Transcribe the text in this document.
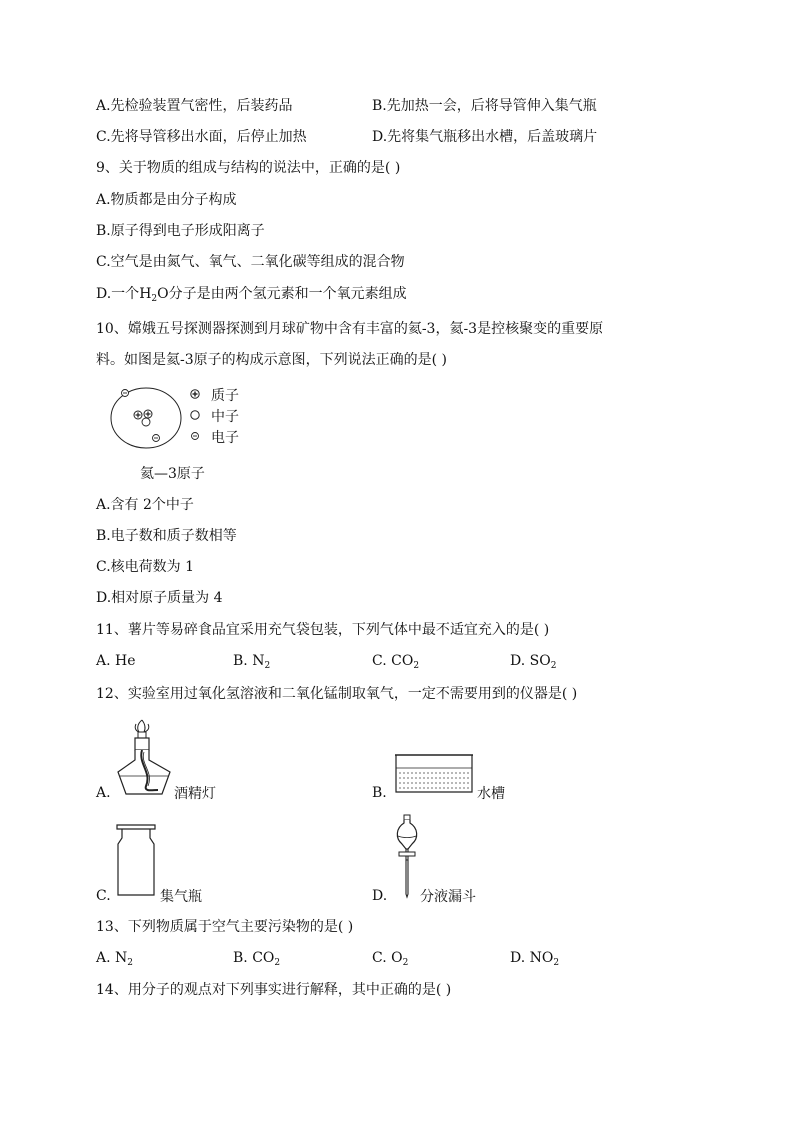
A.先检验装置气密性，后装药品	B.先加热一会，后将导管伸入集气瓶
C.先将导管移出水面，后停止加热	D.先将集气瓶移出水槽，后盖玻璃片
9、关于物质的组成与结构的说法中，正确的是( )
A.物质都是由分子构成
B.原子得到电子形成阳离子
C.空气是由氮气、氧气、二氧化碳等组成的混合物
D.一个$H_2O$分子是由两个氢元素和一个氧元素组成
10、嫦娥五号探测器探测到月球矿物中含有丰富的氦-3，氦-3是控核聚变的重要原
料。如图是氦-3原子的构成示意图，下列说法正确的是( )
质子
中子
电子
氦—3原子
A.含有 2个中子
B.电子数和质子数相等
C.核电荷数为 1
D.相对原子质量为 4
11、薯片等易碎食品宜采用充气袋包装，下列气体中最不适宜充入的是( )
A. He	B. $N_2$	C. $CO_2$	D. $SO_2$
12、实验室用过氧化氢溶液和二氧化锰制取氧气，一定不需要用到的仪器是( )
A.	酒精灯	B.	水槽
C.	集气瓶	D. 分液漏斗
13、下列物质属于空气主要污染物的是( )
A. $N_2$	B. $CO_2$	C. $O_2$	D. $NO_2$
14、用分子的观点对下列事实进行解释，其中正确的是( )
